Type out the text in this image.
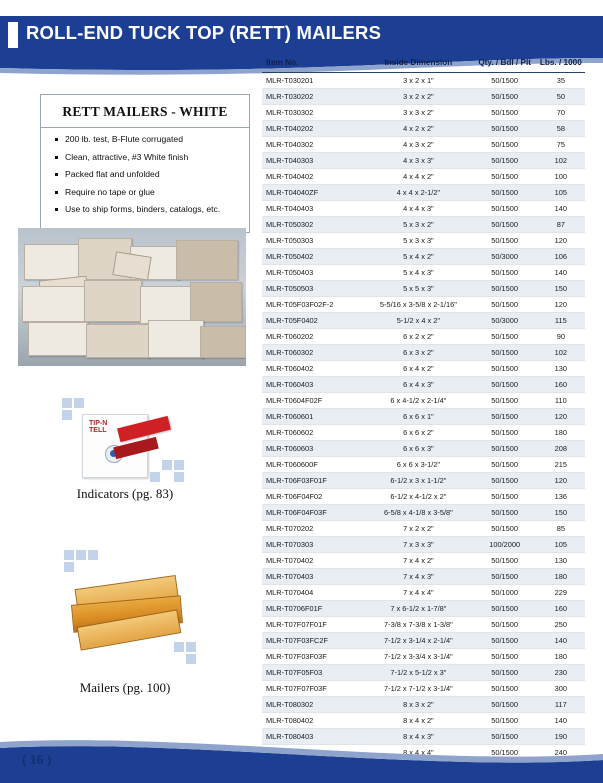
ROLL-END TUCK TOP (RETT) MAILERS
RETT MAILERS - WHITE
200 lb. test, B-Flute corrugated
Clean, attractive, #3 White finish
Packed flat and unfolded
Require no tape or glue
Use to ship forms, binders, catalogs, etc.
TIP-N
TELL
Indicators (pg. 83)
Mailers (pg. 100)
Item No.	Inside Dimension	Qty. / Bdl / Plt	Lbs. / 1000
MLR-T030201	3 x 2 x 1"	50/1500	35
MLR-T030202	3 x 2 x 2"	50/1500	50
MLR-T030302	3 x 3 x 2"	50/1500	70
MLR-T040202	4 x 2 x 2"	50/1500	58
MLR-T040302	4 x 3 x 2"	50/1500	75
MLR-T040303	4 x 3 x 3"	50/1500	102
MLR-T040402	4 x 4 x 2"	50/1500	100
MLR-T04040ZF	4 x 4 x 2-1/2"	50/1500	105
MLR-T040403	4 x 4 x 3"	50/1500	140
MLR-T050302	5 x 3 x 2"	50/1500	87
MLR-T050303	5 x 3 x 3"	50/1500	120
MLR-T050402	5 x 4 x 2"	50/3000	106
MLR-T050403	5 x 4 x 3"	50/1500	140
MLR-T050503	5 x 5 x 3"	50/1500	150
MLR-T05F03F02F-2	5-5/16 x 3-5/8 x 2-1/16"	50/1500	120
MLR-T05F0402	5-1/2 x 4 x 2"	50/3000	115
MLR-T060202	6 x 2 x 2"	50/1500	90
MLR-T060302	6 x 3 x 2"	50/1500	102
MLR-T060402	6 x 4 x 2"	50/1500	130
MLR-T060403	6 x 4 x 3"	50/1500	160
MLR-T0604F02F	6 x 4-1/2 x 2-1/4"	50/1500	110
MLR-T060601	6 x 6 x 1"	50/1500	120
MLR-T060602	6 x 6 x 2"	50/1500	180
MLR-T060603	6 x 6 x 3"	50/1500	208
MLR-T060600F	6 x 6 x 3-1/2"	50/1500	215
MLR-T06F03F01F	6-1/2 x 3 x 1-1/2"	50/1500	120
MLR-T06F04F02	6-1/2 x 4-1/2 x 2"	50/1500	136
MLR-T06F04F03F	6-5/8 x 4-1/8 x 3-5/8"	50/1500	150
MLR-T070202	7 x 2 x 2"	50/1500	85
MLR-T070303	7 x 3 x 3"	100/2000	105
MLR-T070402	7 x 4 x 2"	50/1500	130
MLR-T070403	7 x 4 x 3"	50/1500	180
MLR-T070404	7 x 4 x 4"	50/1000	229
MLR-T0706F01F	7 x 6-1/2 x 1-7/8"	50/1500	160
MLR-T07F07F01F	7-3/8 x 7-3/8 x 1-3/8"	50/1500	250
MLR-T07F03FC2F	7-1/2 x 3-1/4 x 2-1/4"	50/1500	140
MLR-T07F03F03F	7-1/2 x 3-3/4 x 3-1/4"	50/1500	180
MLR-T07F05F03	7-1/2 x 5-1/2 x 3"	50/1500	230
MLR-T07F07F03F	7-1/2 x 7-1/2 x 3-1/4"	50/1500	300
MLR-T080302	8 x 3 x 2"	50/1500	117
MLR-T080402	8 x 4 x 2"	50/1500	140
MLR-T080403	8 x 4 x 3"	50/1500	190
	8 x 4 x 4"	50/1500	240

( 16 )
